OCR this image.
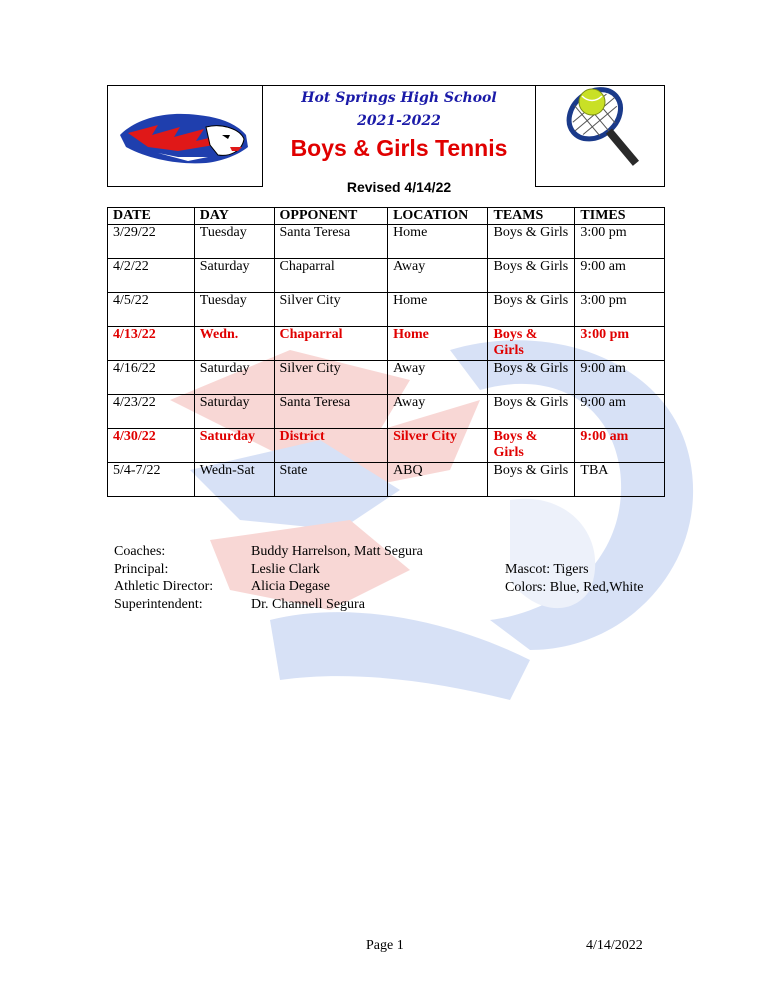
Hot Springs High School
2021-2022
Boys & Girls Tennis
Revised 4/14/22
DATE	DAY	OPPONENT	LOCATION	TEAMS	TIMES
3/29/22	Tuesday	Santa Teresa	Home	Boys & Girls	3:00 pm
4/2/22	Saturday	Chaparral	Away	Boys & Girls	9:00 am
4/5/22	Tuesday	Silver City	Home	Boys & Girls	3:00 pm
4/13/22	Wedn.	Chaparral	Home	Boys & Girls	3:00 pm
4/16/22	Saturday	Silver City	Away	Boys & Girls	9:00 am
4/23/22	Saturday	Santa Teresa	Away	Boys & Girls	9:00 am
4/30/22	Saturday	District	Silver City	Boys & Girls	9:00 am
5/4-7/22	Wedn-Sat	State	ABQ	Boys & Girls	TBA
Coaches:	Buddy Harrelson, Matt Segura
Principal:	Leslie Clark
Athletic Director:	Alicia Degase
Superintendent:	Dr. Channell Segura
Mascot: Tigers
Colors: Blue, Red,White
Page 1	4/14/2022
